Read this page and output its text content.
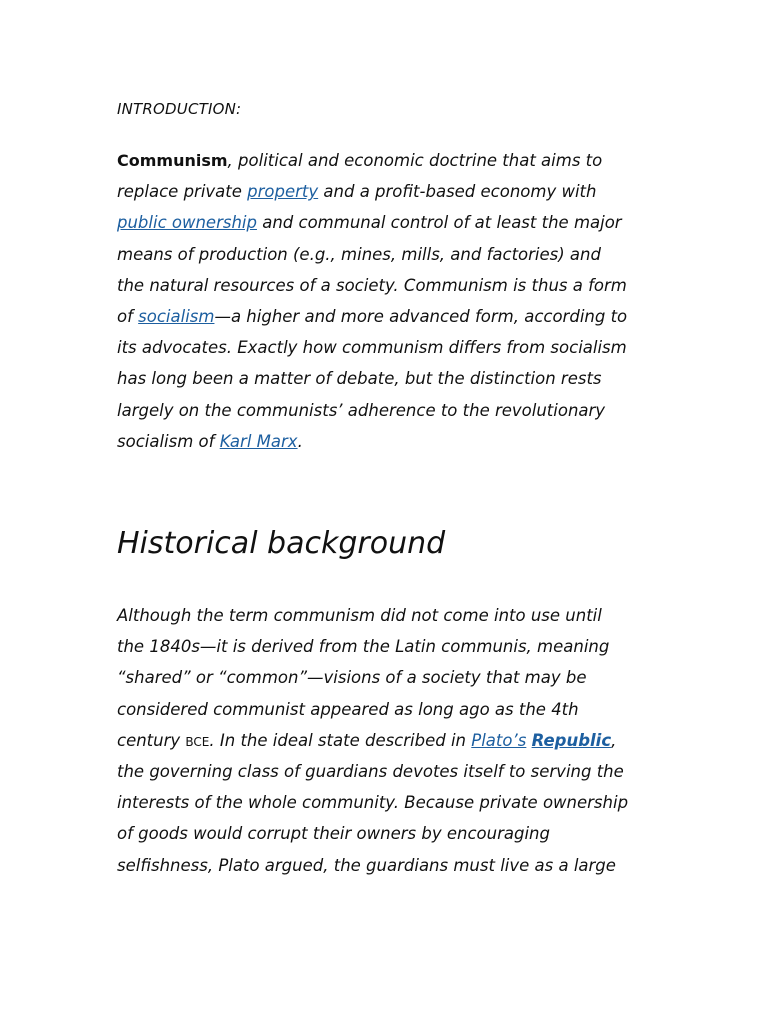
INTRODUCTION:

Communism, political and economic doctrine that aims to
replace private property and a profit-based economy with
public ownership and communal control of at least the major
means of production (e.g., mines, mills, and factories) and
the natural resources of a society. Communism is thus a form
of socialism—a higher and more advanced form, according to
its advocates. Exactly how communism differs from socialism
has long been a matter of debate, but the distinction rests
largely on the communists’ adherence to the revolutionary
socialism of Karl Marx.

Historical background

Although the term communism did not come into use until
the 1840s—it is derived from the Latin communis, meaning
“shared” or “common”—visions of a society that may be
considered communist appeared as long ago as the 4th
century BCE. In the ideal state described in Plato’s Republic,
the governing class of guardians devotes itself to serving the
interests of the whole community. Because private ownership
of goods would corrupt their owners by encouraging
selfishness, Plato argued, the guardians must live as a large
